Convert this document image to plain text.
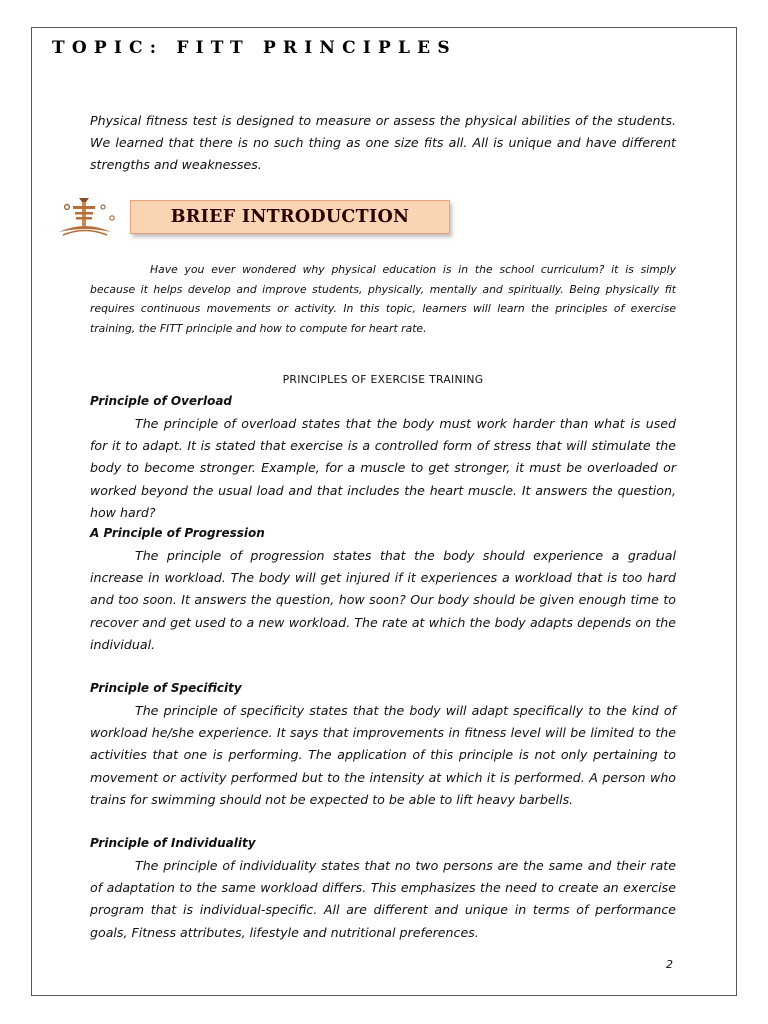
TOPIC: FITT PRINCIPLES
Physical fitness test is designed to measure or assess the physical abilities of the students. We learned that there is no such thing as one size fits all. All is unique and have different strengths and weaknesses.
BRIEF INTRODUCTION
Have you ever wondered why physical education is in the school curriculum? it is simply because it helps develop and improve students, physically, mentally and spiritually. Being physically fit requires continuous movements or activity. In this topic, learners will learn the principles of exercise training, the FITT principle and how to compute for heart rate.
PRINCIPLES OF EXERCISE TRAINING
Principle of Overload
The principle of overload states that the body must work harder than what is used for it to adapt. It is stated that exercise is a controlled form of stress that will stimulate the body to become stronger. Example, for a muscle to get stronger, it must be overloaded or worked beyond the usual load and that includes the heart muscle. It answers the question, how hard?
A Principle of Progression
The principle of progression states that the body should experience a gradual increase in workload. The body will get injured if it experiences a workload that is too hard and too soon. It answers the question, how soon? Our body should be given enough time to recover and get used to a new workload. The rate at which the body adapts depends on the individual.
Principle of Specificity
The principle of specificity states that the body will adapt specifically to the kind of workload he/she experience. It says that improvements in fitness level will be limited to the activities that one is performing. The application of this principle is not only pertaining to movement or activity performed but to the intensity at which it is performed. A person who trains for swimming should not be expected to be able to lift heavy barbells.
Principle of Individuality
The principle of individuality states that no two persons are the same and their rate of adaptation to the same workload differs. This emphasizes the need to create an exercise program that is individual-specific. All are different and unique in terms of performance goals, Fitness attributes, lifestyle and nutritional preferences.
2
